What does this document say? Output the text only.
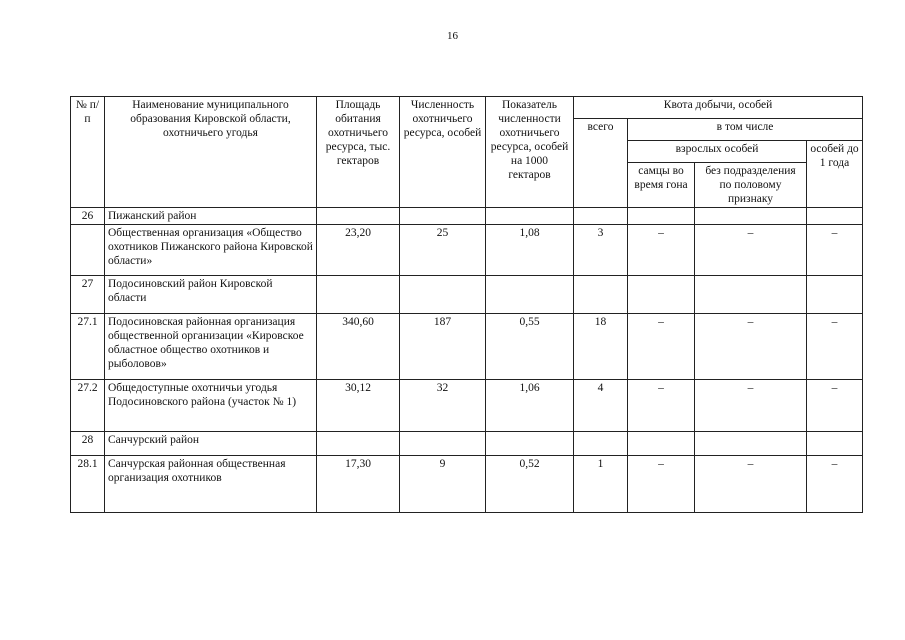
16
№ п/п	Наименование муниципального образования Кировской области, охотничьего угодья	Площадь обитания охотничьего ресурса, тыс. гектаров	Численность охотничьего ресурса, особей	Показатель численности охотничьего ресурса, особей на 1000 гектаров	Квота добычи, особей			
					всего	в том числе		
						взрослых особей		особей до 1 года
						самцы во время гона	без подразделения по половому признаку	
26	Пижанский район							
	Общественная организация «Общество охотников Пижанского района Кировской области»	23,20	25	1,08	3	–	–	–
27	Подосиновский район Кировской области							
27.1	Подосиновская районная организация общественной организации «Кировское областное общество охотников и рыболовов»	340,60	187	0,55	18	–	–	–
27.2	Общедоступные охотничьи угодья Подосиновского района (участок № 1)	30,12	32	1,06	4	–	–	–
28	Санчурский район							
28.1	Санчурская районная общественная организация охотников	17,30	9	0,52	1	–	–	–
